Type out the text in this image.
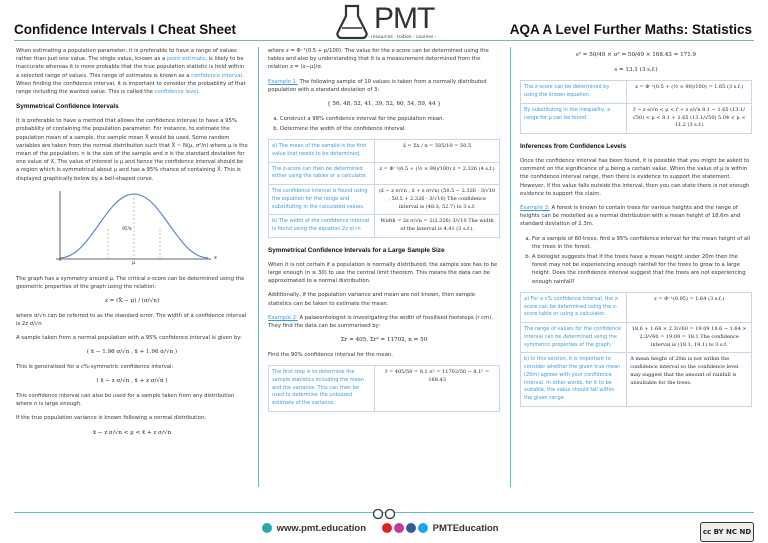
Confidence Intervals I Cheat Sheet	PMT
- resources · tuition · courses -
AQA A Level Further Maths: Statistics

When estimating a population parameter, it is preferable to have a range of values rather than just one value. The single value, known as a point estimate, is likely to be inaccurate whereas it is more probable that the true population statistic is held within a selected range of values. This range of estimates is known as a confidence interval. When finding the confidence interval, it is important to consider the probability of that range including the wanted value. This is called the confidence level.

Symmetrical Confidence Intervals

It is preferable to have a method that allows the confidence interval to have a 95% probability of containing the population parameter. For instance, to estimate the population mean of a sample, the sample mean X̄ would be used. Some random variables are taken from the normal distribution such that X̄ ~ N(μ, σ²/n) where μ is the mean of the population, n is the size of the sample and σ is the standard deviation for one value of X. The value of interest is μ and hence the confidence interval should be a region which is symmetrical about μ and has a 95% chance of containing X̄. This is displayed graphically below by a bell-shaped curve.

95%
μ
x

The graph has a symmetry around μ. The critical z-score can be determined using the geometric properties of the graph using the relation:

z = (X̄ − μ) / (σ/√n)

where σ/√n can be referred to as the standard error. The width of a confidence interval is 2z σ/√n

A sample taken from a normal population with a 95% confidence interval is given by:

( x̄ − 1.96 σ/√n , x̄ + 1.96 σ/√n )

This is generalised for a c%-symmetric confidence interval:

( x̄ − z σ/√n , x̄ + z σ/√n )

This confidence interval can also be used for a sample taken from any distribution where n is large enough.

If the true population variance is known following a normal distribution:

x̄ − z σ/√n < μ < x̄ + z σ/√n

where z = Φ⁻¹(0.5 + p/100). The value for the z-score can be determined using the tables and also by understanding that it is a measurement determined from the relation z = (x−μ)/σ.

Example 1: The following sample of 10 values is taken from a normally distributed population with a standard deviation of 3:

{ 56, 48, 52, 41, 39, 52, 60, 54, 59, 44 }
a. Construct a 98% confidence interval for the population mean.
b. Determine the width of the confidence interval.
a) The mean of the sample is the first value that needs to be determined.	x̄ = Σx / n = 505/10 = 50.5
The z-score can then be determined either using the tables or a calculator.	z = Φ⁻¹(0.5 + (½ × 98)/100) z = 2.326 (4 s.f.)
The confidence interval is found using the equation for the range and substituting in the calculated values.	(x̄ − z σ/√n , x̄ + z σ/√n) (50.5 − 2.326 · 3/√10 , 50.5 + 2.326 · 3/√10) The confidence interval is (48.3, 52.7) to 3 s.f.
b) The width of the confidence interval is found using the equation 2z σ/√n	Width = 2z σ/√n = 2(2.326) 3/√10 The width of the interval is 4.41 (3 s.f.).
Symmetrical Confidence Intervals for a Large Sample Size

When it is not certain if a population is normally distributed, the sample size has to be large enough (n ≥ 30) to use the central limit theorem. This means the data can be approximated to a normal distribution.

Additionally, if the population variance and mean are not known, then sample statistics can be taken to estimate the mean.

Example 2: A palaeontologist is investigating the width of fossilised footsteps (r cm). They find the data can be summarised by:

Σr = 405, Σr² = 11702, n = 50

Find the 90% confidence interval for the mean.

The first step is to determine the sample statistics including the mean and the variance. This can then be used to determine the unbiased estimate of the variance.	r̄ = 405/50 = 8.1 σ² = 11702/50 − 8.1² = 168.43
s² = 50/49 × σ² = 50/49 × 168.43 = 171.9
s = 13.1 (3 s.f.)
The z-score can be determined by using the known equation.	z = Φ⁻¹(0.5 + (½ × 90)/100) = 1.65 (3 s.f.)
By substituting in the inequality, a range for μ can be found.	r̄ − z s/√n < μ < r̄ + z s/√n 8.1 − 1.65 (13.1/√50) < μ < 8.1 + 1.65 (13.1/√50) 5.04 < μ < 11.2 (3 s.f.)
Inferences from Confidence Levels

Once the confidence interval has been found, it is possible that you might be asked to comment on the significance of μ being a certain value. When the value of μ is within the confidence interval range, then there is evidence to support the statement. However, if the value falls outside the interval, then you can state there is not enough evidence to support the claim.

Example 3: A forest is known to contain trees for various heights and the range of heights can be modelled as a normal distribution with a mean height of 18.6m and standard deviation of 2.3m.

a. For a sample of 60 trees, find a 95% confidence interval for the mean height of all the trees in the forest.
b. A biologist suggests that if the trees have a mean height under 20m then the forest may not be experiencing enough rainfall for the trees to grow to a large height. Does the confidence interval suggest that the trees are not experiencing enough rainfall?
a) For a c% confidence interval, the z-score can be determined using the z-score table or using a calculator.	z = Φ⁻¹(0.95) = 1.64 (3 s.f.)
The range of values for the confidence interval can be determined using the symmetric properties of the graph.	18.6 + 1.64 × 2.3/√60 = 19.09 18.6 − 1.64 × 2.3/√60 = 19.09 = 18.1 The confidence interval is (18.1, 19.1) to 3 s.f.
b) In this section, it is important to consider whether the given true mean (20m) agrees with your confidence interval. In other words, for it to be suitable, the value should fall within the given range.	A mean height of 20m is not within the confidence interval so the confidence level may suggest that the amount of rainfall is unsuitable for the trees.
www.pmt.education	PMTEducation	cc BY NC ND
